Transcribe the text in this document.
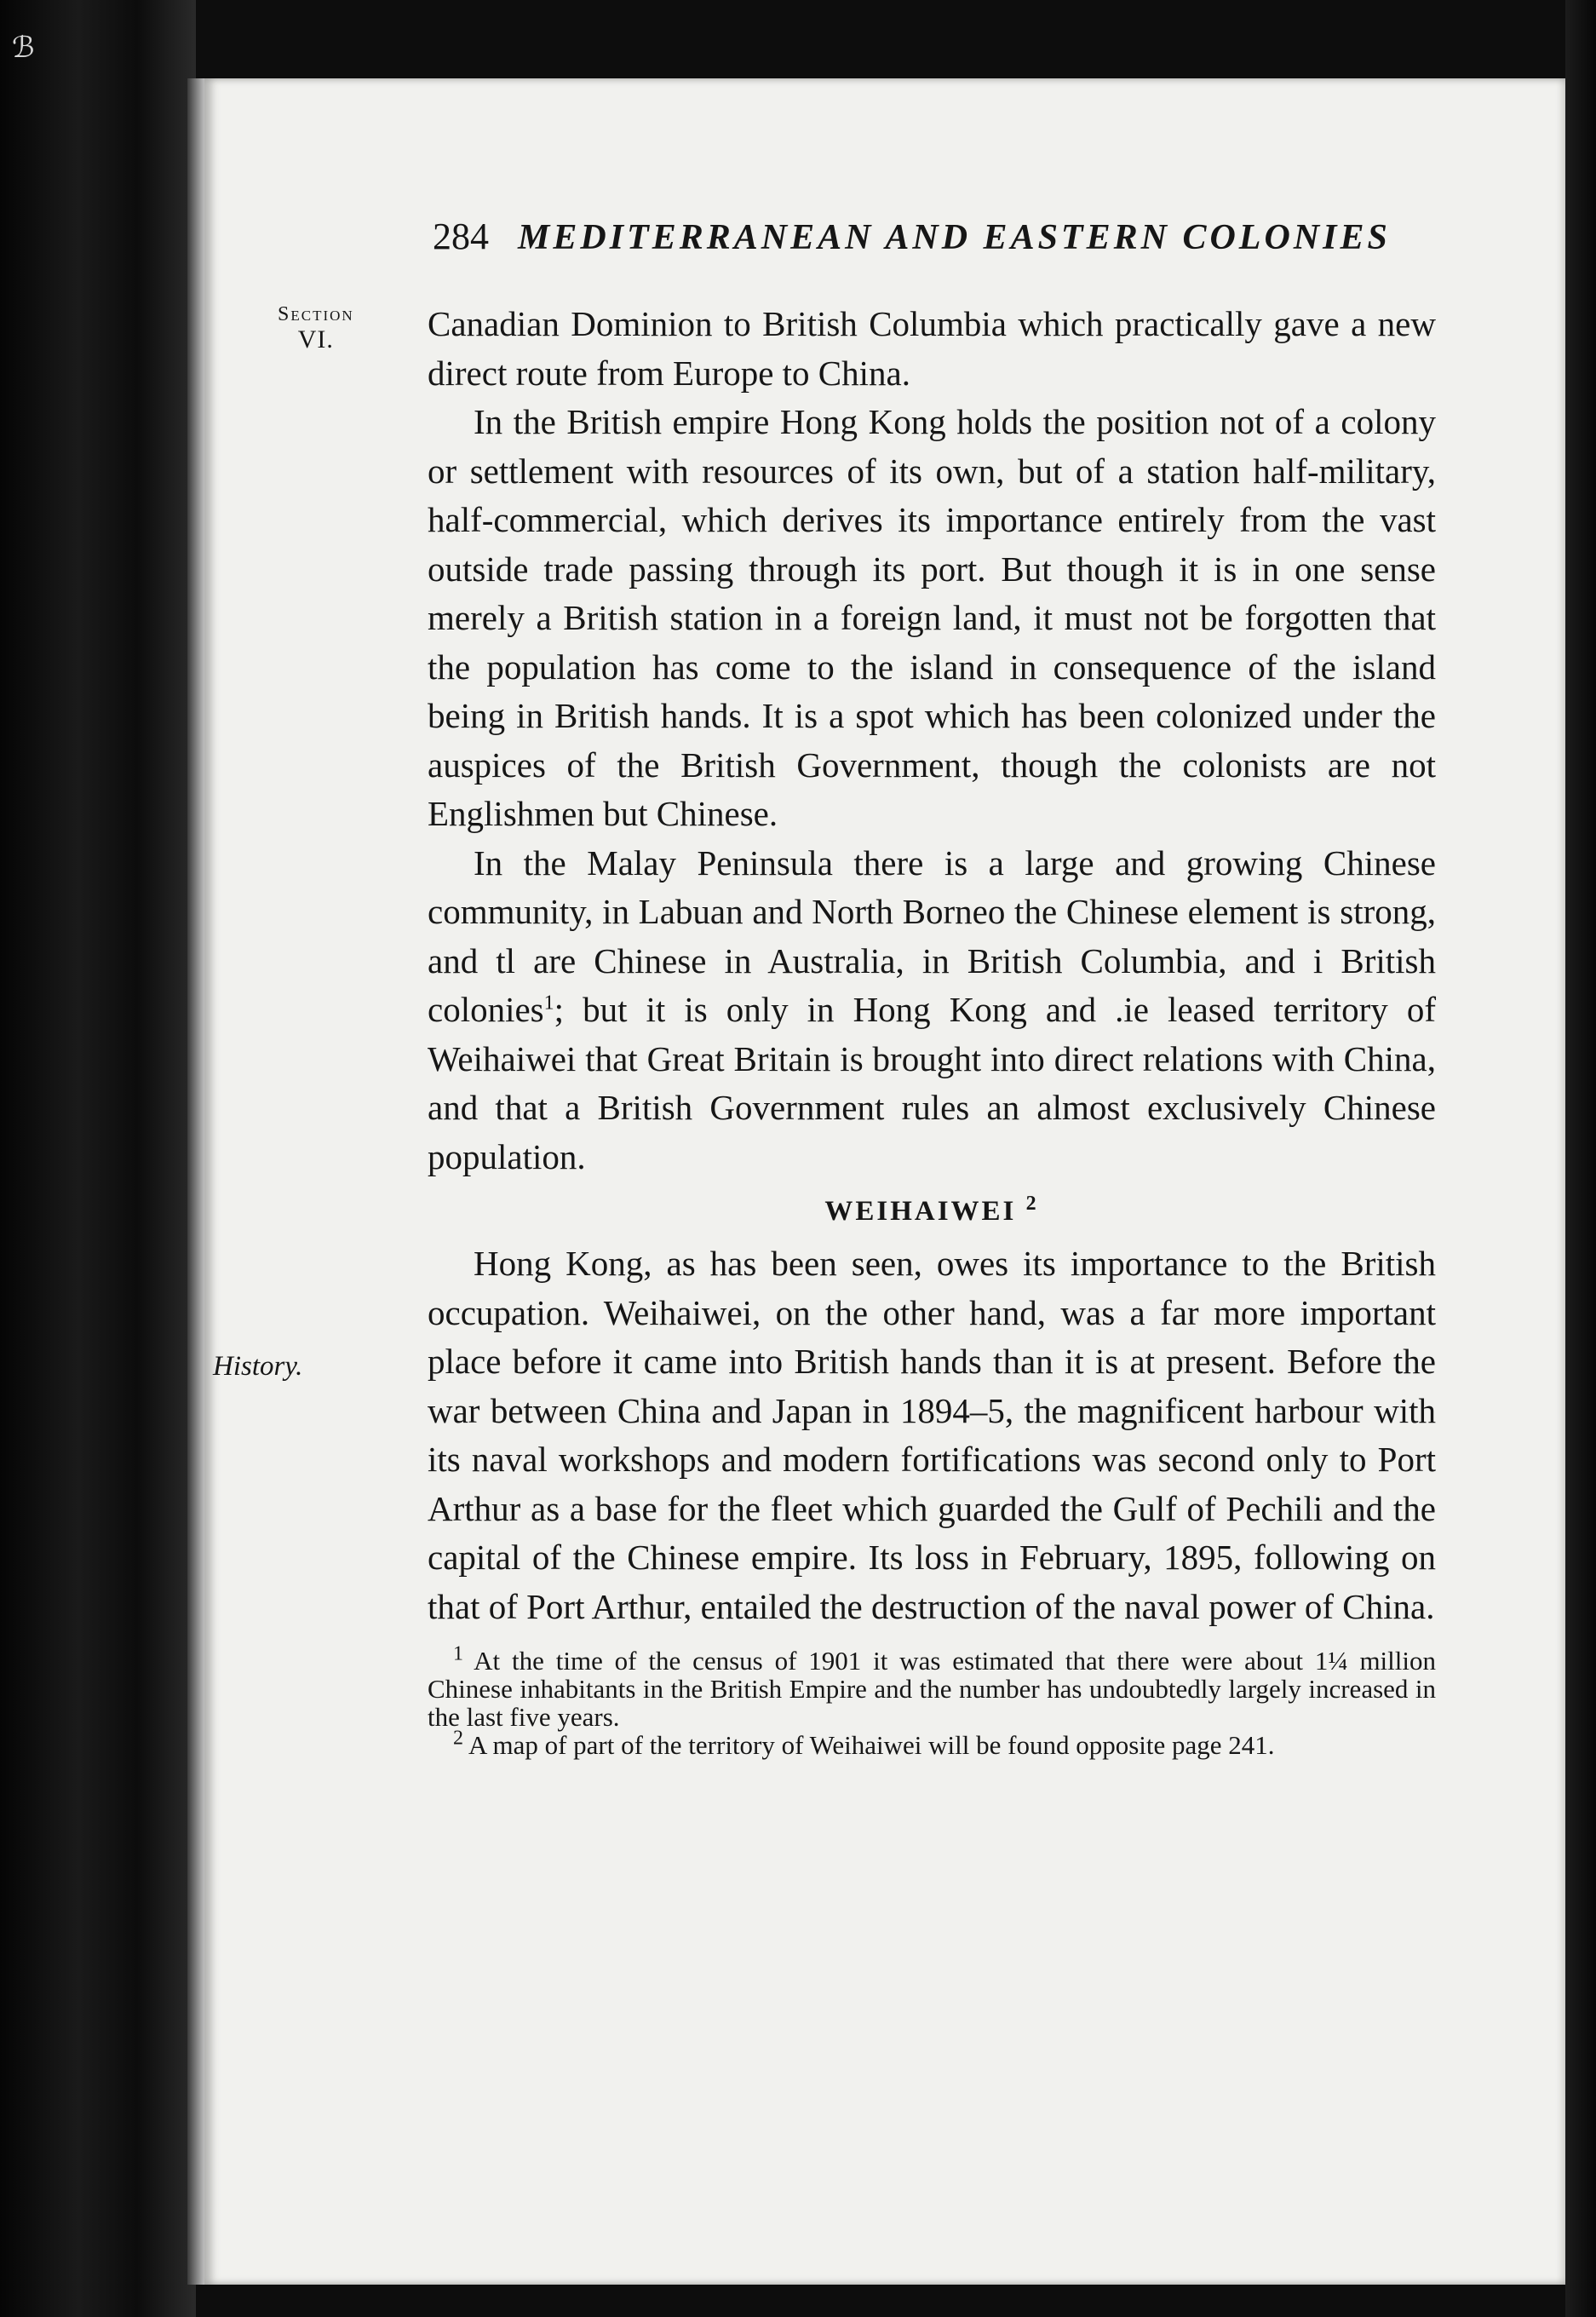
ℬ
284 MEDITERRANEAN AND EASTERN COLONIES
Section
VI.
History.

Canadian Dominion to British Columbia which practically gave a new direct route from Europe to China.

In the British empire Hong Kong holds the position not of a colony or settlement with resources of its own, but of a station half-military, half-commercial, which derives its importance entirely from the vast outside trade passing through its port. But though it is in one sense merely a British station in a foreign land, it must not be forgotten that the population has come to the island in consequence of the island being in British hands. It is a spot which has been colonized under the auspices of the British Government, though the colonists are not Englishmen but Chinese.

In the Malay Peninsula there is a large and growing Chinese community, in Labuan and North Borneo the Chinese element is strong, and tl are Chinese in Australia, in British Columbia, and i British colonies$^1$; but it is only in Hong Kong and .ie leased territory of Weihaiwei that Great Britain is brought into direct relations with China, and that a British Government rules an almost exclusively Chinese population.

WEIHAIWEI $^2$

Hong Kong, as has been seen, owes its importance to the British occupation. Weihaiwei, on the other hand, was a far more important place before it came into British hands than it is at present. Before the war between China and Japan in 1894–5, the magnificent harbour with its naval workshops and modern fortifications was second only to Port Arthur as a base for the fleet which guarded the Gulf of Pechili and the capital of the Chinese empire. Its loss in February, 1895, following on that of Port Arthur, entailed the destruction of the naval power of China.

$^1$ At the time of the census of 1901 it was estimated that there were about 1¼ million Chinese inhabitants in the British Empire and the number has undoubtedly largely increased in the last five years.

$^2$ A map of part of the territory of Weihaiwei will be found opposite page 241.
